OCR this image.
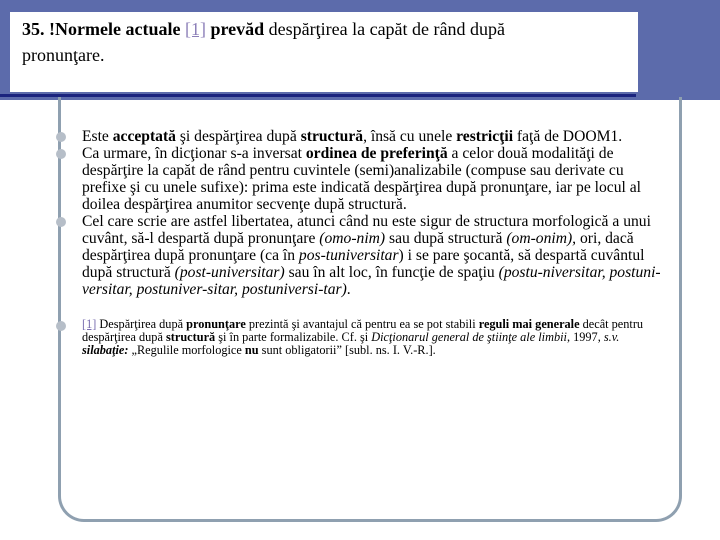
35. !Normele actuale [1] prevăd despărţirea la capăt de rând după
pronunţare.

Este acceptată şi despărţirea după structură, însă cu unele restricţii faţă de DOOM1.

Ca urmare, în dicţionar s-a inversat ordinea de preferinţă a celor două modalităţi de despărţire la capăt de rând pentru cuvintele (semi)analizabile (compuse sau derivate cu prefixe şi cu unele sufixe): prima este indicată despărţirea după pronunţare, iar pe locul al doilea despărţirea anumitor secvenţe după structură.

Cel care scrie are astfel libertatea, atunci când nu este sigur de structura morfologică a unui cuvânt, să-l despartă după pronunţare (omo-nim) sau după structură (om-onim), ori, dacă despărţirea după pronunţare (ca în pos-tuniversitar) i se pare şocantă, să despartă cuvântul după structură (post-universitar) sau în alt loc, în funcţie de spaţiu (postu-niversitar, postuni-versitar, postuniver-sitar, postuniversi-tar).

[1] Despărţirea după pronunţare prezintă şi avantajul că pentru ea se pot stabili reguli mai generale decât pentru despărţirea după structură şi în parte formalizabile. Cf. şi Dicţionarul general de ştiinţe ale limbii, 1997, s.v. silabaţie: „Regulile morfologice nu sunt obligatorii” [subl. ns. I. V.-R.].
